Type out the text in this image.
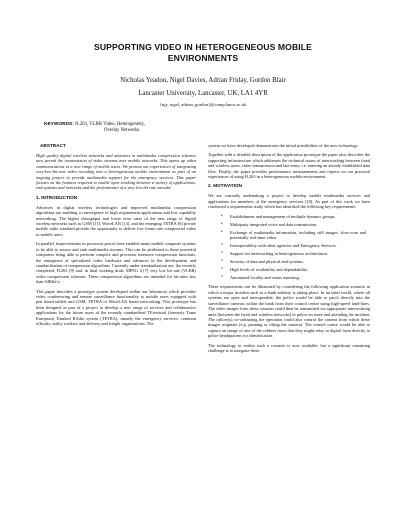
SUPPORTING VIDEO IN HETEROGENEOUS MOBILE
ENVIRONMENTS
Nicholas Yeadon, Nigel Davies, Adrian Friday, Gordon Blair
Lancaster University, Lancaster, UK, LA1 4YR
{njy, nigel, adrian, gordon}@comp.lancs.ac.uk
KEYWORDS: H.263, VLBR Video, Heterogeneity,
Overlay Networks.
ABSTRACT

High quality digital wireless networks and advances in multimedia compression schemes now permit the transmission of video streams over mobile networks. This opens up video communications to a new range of mobile users. We present our experiences of integrating very-low-bit-rate video encoding into a heterogeneous mobile environment as part of an ongoing project to provide multimedia support for the emergency services. This paper focuses on the features required to enable open working between a variety of applications, end-systems and networks and the performance of a very low bit rate encoder.

1. INTRODUCTION

Advances in digital wireless technologies and improved multimedia compression algorithms are enabling a convergence of high requirement applications and low capability networking. The higher throughput and lower error rates of the new range of digital wireless networks such as GSM [11], WaveLAN [13], and the emerging TETRA [6] private mobile radio standard provide the opportunity to deliver low frame rate compressed video to mobile users.

In parallel, improvements in processor power have enabled many mobile computer systems to be able to source and sink multimedia streams. This can be attributed to these powerful computers being able to perform complex and processor intensive compression functions, the emergence of specialized codec hardware and advances in the development and standardisation of compression algorithms. Currently under standardisation are, the recently completed, H.263 [9] and, in final working draft, MPEG 4 [7] very low bit rate (VLBR) video compression schemes. These compression algorithms are intended for bit-rates less than 64Kbit/s.

This paper describes a prototype system developed within our laboratory which provides video conferencing and remote surveillance functionality to mobile users equipped with pen based tablets and GSM, TETRA or WaveLAN based networking. This prototype has been designed as part of a project to develop a new range of services and collaborative applications for the future users of the recently standardised TErrestrial (formerly Trans European) Trunked RAdio system (TETRA), namely the emergency services, common officials, utility workers and delivery and freight organisations. The

system we have developed demonstrates the initial possibilities of the new technology.

Together with a detailed description of the application prototype the paper also describes the supporting infrastructure which addresses the technical issues of interworking between fixed and wireless users, video transmission and late entry, i.e. entering an already established data flow. Finally, the paper provides performance measurements and reports on our practical experiences of using H.263 in a heterogeneous mobile environment.

2. MOTIVATION

We are currently undertaking a project to develop mobile multimedia services and applications for members of the emergency services [10]. As part of this work we have conducted a requirements study which has identified the following key requirements:

• Establishment and management of multiple dynamic groups.
• Multiparty integrated voice and data transmission.
• Exchange of multimedia information, including still images, slow-scan and potentially real-time video.
• Interoperability with other agencies and Emergency Services.
• Support for interworking in heterogeneous architectures.
• Security of data and physical end-systems.
• High levels of availability and dependability.
• Automated locality and status reporting.

These requirements can be illustrated by considering the following application scenario in which a major incident such as a bank robbery is taking place. In an ideal world, where all systems are open and interoperable, the police would be able to patch directly into the surveillance cameras within the bank from their control centre using high-speed land-lines. The video images from these cameras could then be transmitted via appropriate interworking units (between the fixed and wireless networks) to police en route and attending the incident. The officer(s) co-ordinating the operation could also control the camera from which these images originate (e.g. panning or tilting the camera). The control centre would be able to capture an image of one of the robbers faces that they might relay in digital form directly to police headquarters for identification.

The technology to realise such a scenario is now available, but a significant remaining challenge is to integrate these
